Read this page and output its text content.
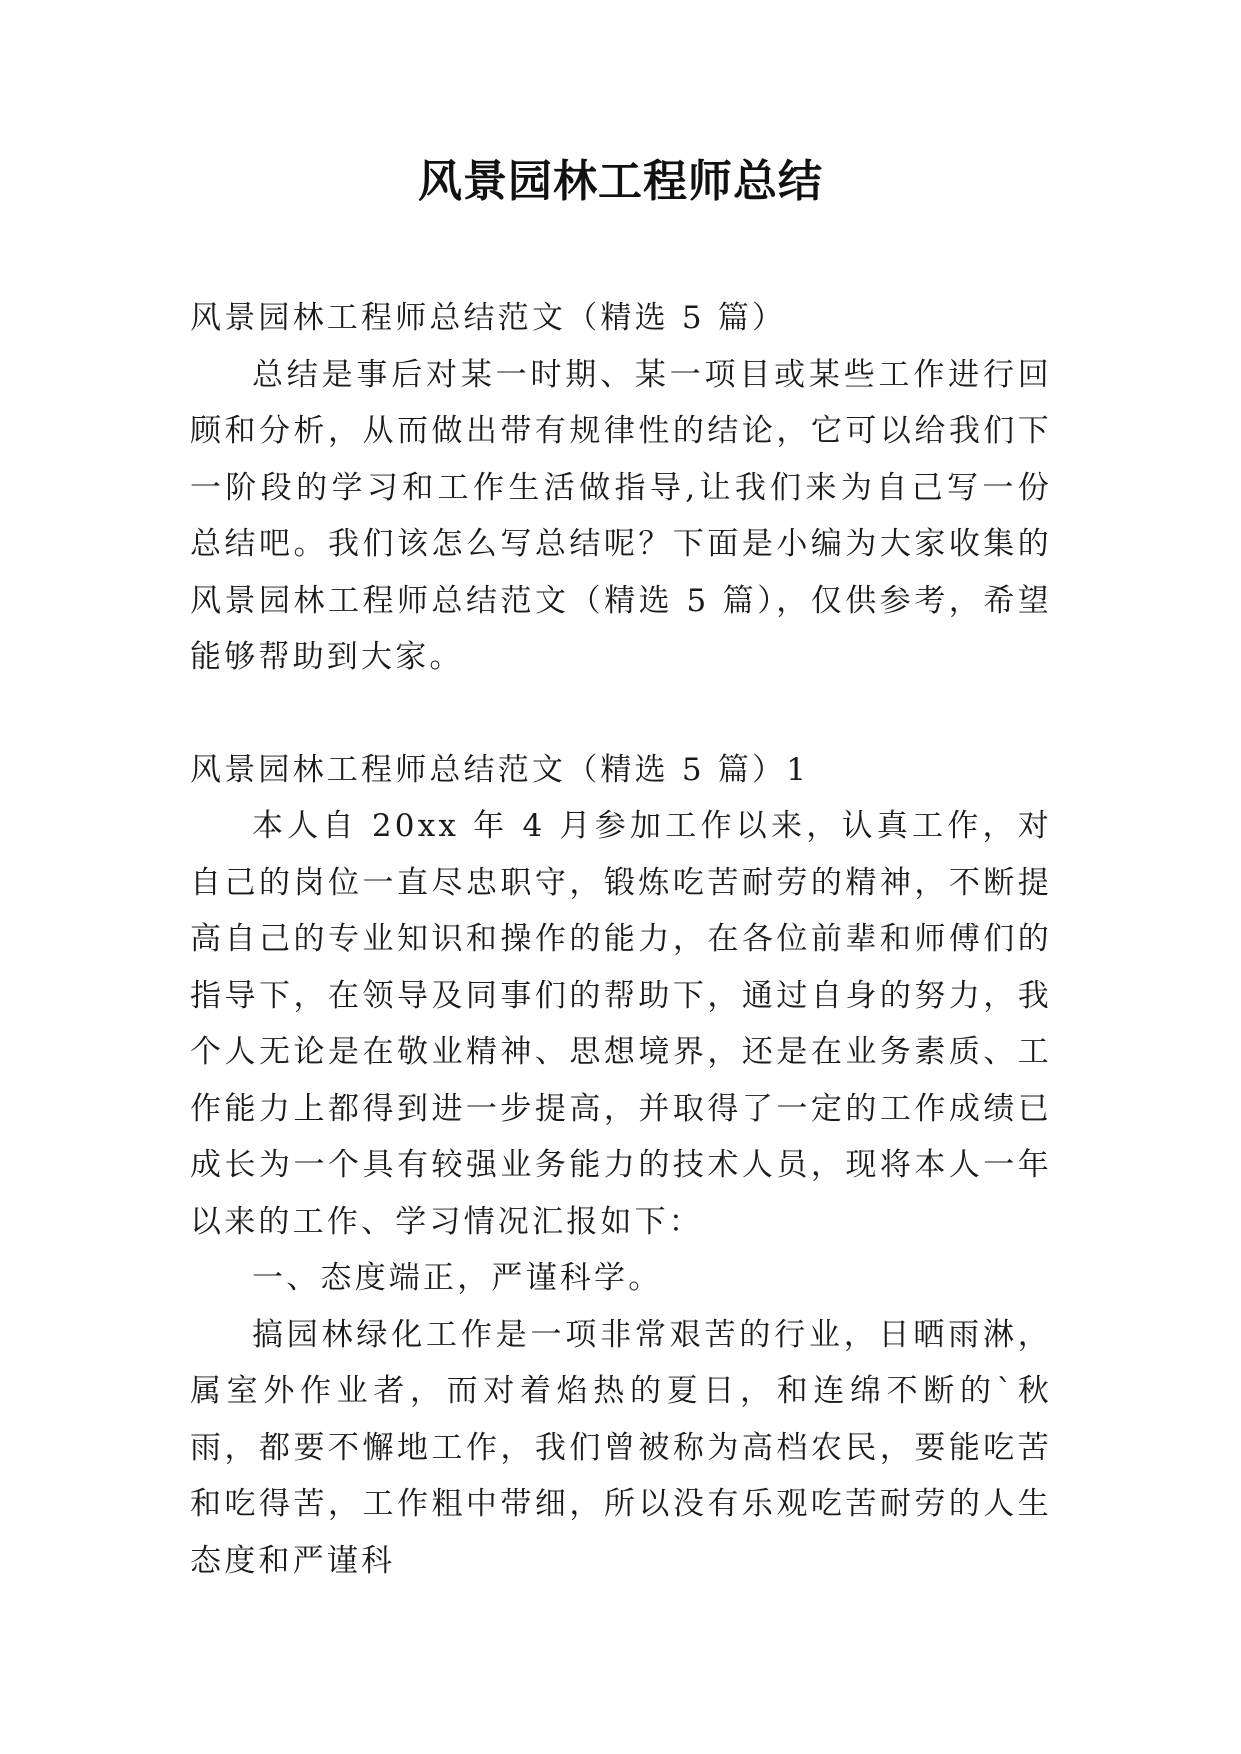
风景园林工程师总结

风景园林工程师总结范文（精选 5 篇）

总结是事后对某一时期、某一项目或某些工作进行回顾和分析，从而做出带有规律性的结论，它可以给我们下一阶段的学习和工作生活做指导,让我们来为自己写一份总结吧。我们该怎么写总结呢？下面是小编为大家收集的风景园林工程师总结范文（精选 5 篇），仅供参考，希望能够帮助到大家。

风景园林工程师总结范文（精选 5 篇）1

本人自 20xx 年 4 月参加工作以来，认真工作，对自己的岗位一直尽忠职守，锻炼吃苦耐劳的精神，不断提高自己的专业知识和操作的能力，在各位前辈和师傅们的指导下，在领导及同事们的帮助下，通过自身的努力，我个人无论是在敬业精神、思想境界，还是在业务素质、工作能力上都得到进一步提高，并取得了一定的工作成绩已成长为一个具有较强业务能力的技术人员，现将本人一年以来的工作、学习情况汇报如下：

一、态度端正，严谨科学。

搞园林绿化工作是一项非常艰苦的行业，日晒雨淋，属室外作业者，而对着焰热的夏日，和连绵不断的`秋雨，都要不懈地工作，我们曾被称为高档农民，要能吃苦和吃得苦，工作粗中带细，所以没有乐观吃苦耐劳的人生态度和严谨科
